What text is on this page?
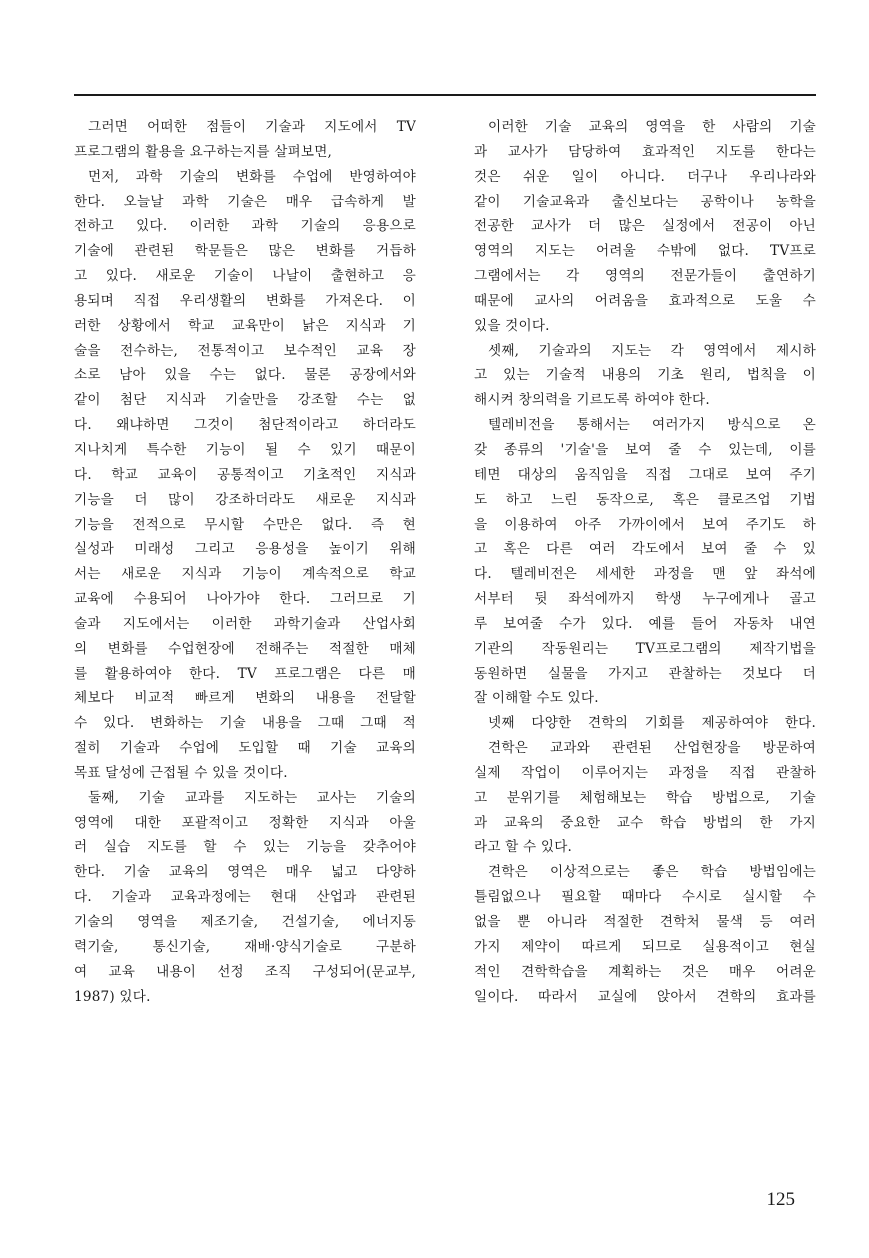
그러면 어떠한 점들이 기술과 지도에서 TV
프로그램의 활용을 요구하는지를 살펴보면,
먼저, 과학 기술의 변화를 수업에 반영하여야
한다. 오늘날 과학 기술은 매우 급속하게 발
전하고 있다. 이러한 과학 기술의 응용으로
기술에 관련된 학문들은 많은 변화를 거듭하
고 있다. 새로운 기술이 나날이 출현하고 응
용되며 직접 우리생활의 변화를 가져온다. 이
러한 상황에서 학교 교육만이 낡은 지식과 기
술을 전수하는, 전통적이고 보수적인 교육 장
소로 남아 있을 수는 없다. 물론 공장에서와
같이 첨단 지식과 기술만을 강조할 수는 없
다. 왜냐하면 그것이 첨단적이라고 하더라도
지나치게 특수한 기능이 될 수 있기 때문이
다. 학교 교육이 공통적이고 기초적인 지식과
기능을 더 많이 강조하더라도 새로운 지식과
기능을 전적으로 무시할 수만은 없다. 즉 현
실성과 미래성 그리고 응용성을 높이기 위해
서는 새로운 지식과 기능이 계속적으로 학교
교육에 수용되어 나아가야 한다. 그러므로 기
술과 지도에서는 이러한 과학기술과 산업사회
의 변화를 수업현장에 전해주는 적절한 매체
를 활용하여야 한다. TV 프로그램은 다른 매
체보다 비교적 빠르게 변화의 내용을 전달할
수 있다. 변화하는 기술 내용을 그때 그때 적
절히 기술과 수업에 도입할 때 기술 교육의
목표 달성에 근접될 수 있을 것이다.
둘째, 기술 교과를 지도하는 교사는 기술의
영역에 대한 포괄적이고 정확한 지식과 아울
러 실습 지도를 할 수 있는 기능을 갖추어야
한다. 기술 교육의 영역은 매우 넓고 다양하
다. 기술과 교육과정에는 현대 산업과 관련된
기술의 영역을 제조기술, 건설기술, 에너지동
력기술, 통신기술, 재배·양식기술로 구분하
여 교육 내용이 선정 조직 구성되어(문교부,
1987) 있다.
이러한 기술 교육의 영역을 한 사람의 기술
과 교사가 담당하여 효과적인 지도를 한다는
것은 쉬운 일이 아니다. 더구나 우리나라와
같이 기술교육과 출신보다는 공학이나 농학을
전공한 교사가 더 많은 실정에서 전공이 아닌
영역의 지도는 어려울 수밖에 없다. TV프로
그램에서는 각 영역의 전문가들이 출연하기
때문에 교사의 어려움을 효과적으로 도울 수
있을 것이다.
셋째, 기술과의 지도는 각 영역에서 제시하
고 있는 기술적 내용의 기초 원리, 법칙을 이
해시켜 창의력을 기르도록 하여야 한다.
텔레비전을 통해서는 여러가지 방식으로 온
갖 종류의 '기술'을 보여 줄 수 있는데, 이를
테면 대상의 움직임을 직접 그대로 보여 주기
도 하고 느린 동작으로, 혹은 클로즈업 기법
을 이용하여 아주 가까이에서 보여 주기도 하
고 혹은 다른 여러 각도에서 보여 줄 수 있
다. 텔레비전은 세세한 과정을 맨 앞 좌석에
서부터 뒷 좌석에까지 학생 누구에게나 골고
루 보여줄 수가 있다. 예를 들어 자동차 내연
기관의 작동원리는 TV프로그램의 제작기법을
동원하면 실물을 가지고 관찰하는 것보다 더
잘 이해할 수도 있다.
넷째 다양한 견학의 기회를 제공하여야 한다.
견학은 교과와 관련된 산업현장을 방문하여
실제 작업이 이루어지는 과정을 직접 관찰하
고 분위기를 체험해보는 학습 방법으로, 기술
과 교육의 중요한 교수 학습 방법의 한 가지
라고 할 수 있다.
견학은 이상적으로는 좋은 학습 방법임에는
틀림없으나 필요할 때마다 수시로 실시할 수
없을 뿐 아니라 적절한 견학처 물색 등 여러
가지 제약이 따르게 되므로 실용적이고 현실
적인 견학학습을 계획하는 것은 매우 어려운
일이다. 따라서 교실에 앉아서 견학의 효과를
125
